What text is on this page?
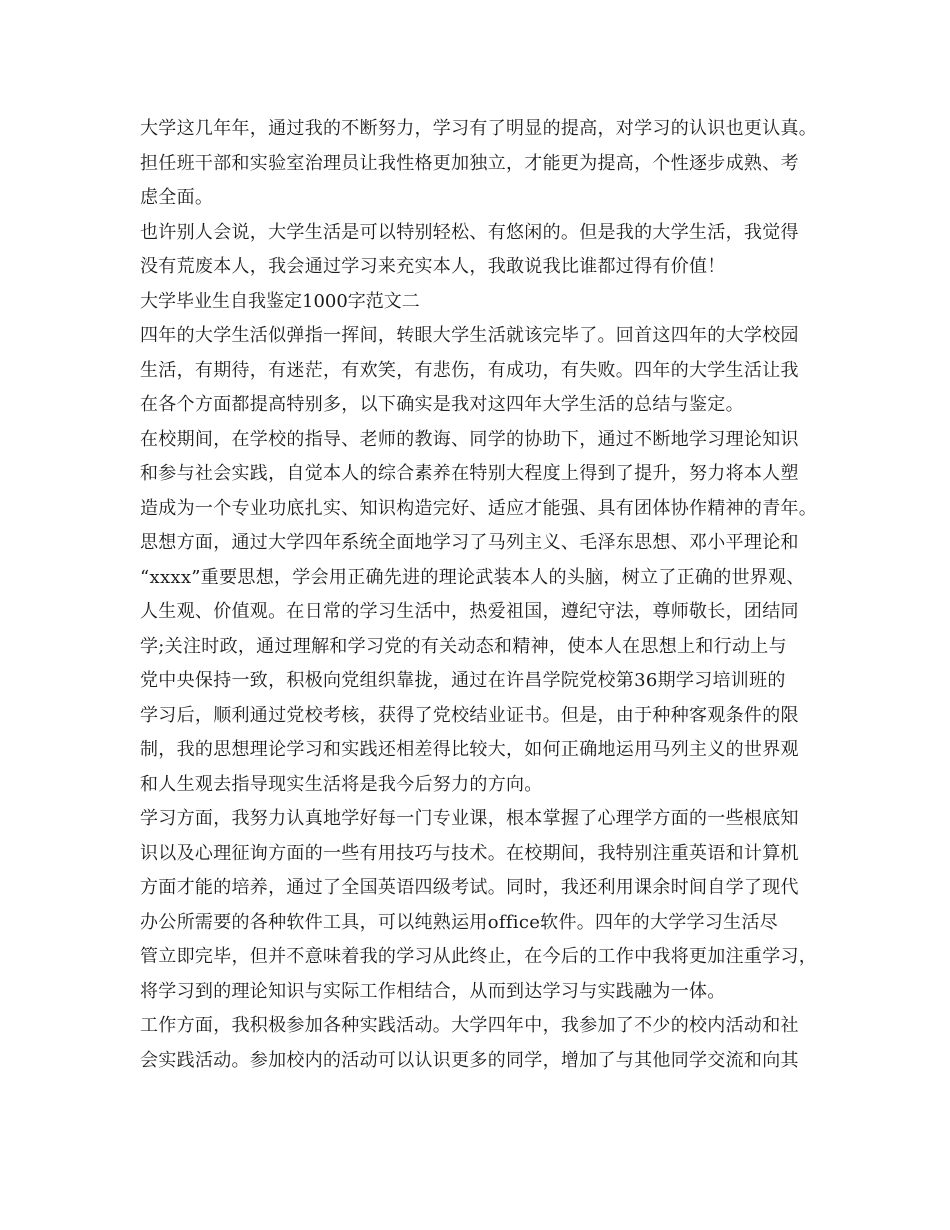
大学这几年年，通过我的不断努力，学习有了明显的提高，对学习的认识也更认真。
担任班干部和实验室治理员让我性格更加独立，才能更为提高，个性逐步成熟、考
虑全面。
也许别人会说，大学生活是可以特别轻松、有悠闲的。但是我的大学生活，我觉得
没有荒废本人，我会通过学习来充实本人，我敢说我比谁都过得有价值！
大学毕业生自我鉴定1000字范文二
四年的大学生活似弹指一挥间，转眼大学生活就该完毕了。回首这四年的大学校园
生活，有期待，有迷茫，有欢笑，有悲伤，有成功，有失败。四年的大学生活让我
在各个方面都提高特别多，以下确实是我对这四年大学生活的总结与鉴定。
在校期间，在学校的指导、老师的教诲、同学的协助下，通过不断地学习理论知识
和参与社会实践，自觉本人的综合素养在特别大程度上得到了提升，努力将本人塑
造成为一个专业功底扎实、知识构造完好、适应才能强、具有团体协作精神的青年。
思想方面，通过大学四年系统全面地学习了马列主义、毛泽东思想、邓小平理论和
“xxxx”重要思想，学会用正确先进的理论武装本人的头脑，树立了正确的世界观、
人生观、价值观。在日常的学习生活中，热爱祖国，遵纪守法，尊师敬长，团结同
学;关注时政，通过理解和学习党的有关动态和精神，使本人在思想上和行动上与
党中央保持一致，积极向党组织靠拢，通过在许昌学院党校第36期学习培训班的
学习后，顺利通过党校考核，获得了党校结业证书。但是，由于种种客观条件的限
制，我的思想理论学习和实践还相差得比较大，如何正确地运用马列主义的世界观
和人生观去指导现实生活将是我今后努力的方向。
学习方面，我努力认真地学好每一门专业课，根本掌握了心理学方面的一些根底知
识以及心理征询方面的一些有用技巧与技术。在校期间，我特别注重英语和计算机
方面才能的培养，通过了全国英语四级考试。同时，我还利用课余时间自学了现代
办公所需要的各种软件工具，可以纯熟运用office软件。四年的大学学习生活尽
管立即完毕，但并不意味着我的学习从此终止，在今后的工作中我将更加注重学习，
将学习到的理论知识与实际工作相结合，从而到达学习与实践融为一体。
工作方面，我积极参加各种实践活动。大学四年中，我参加了不少的校内活动和社
会实践活动。参加校内的活动可以认识更多的同学，增加了与其他同学交流和向其
